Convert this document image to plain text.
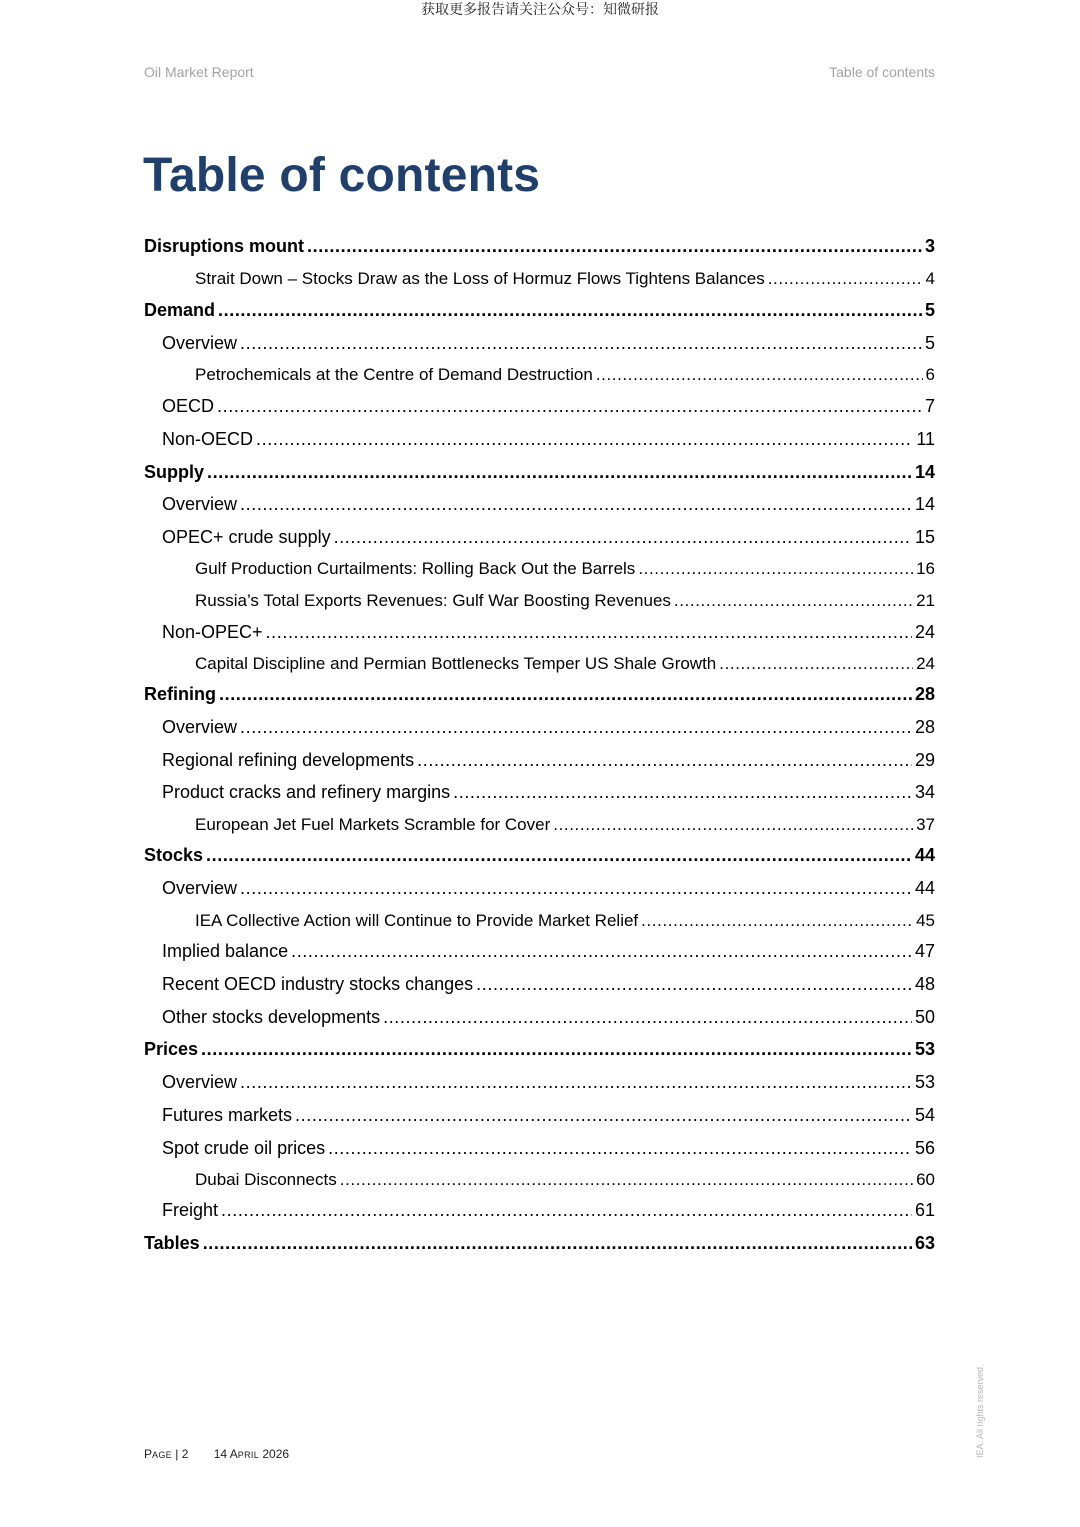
获取更多报告请关注公众号：知微研报
Oil Market Report	Table of contents
Table of contents
Disruptions mount .....	3
Strait Down – Stocks Draw as the Loss of Hormuz Flows Tightens Balances .....	4
Demand .....	5
Overview .....	5
Petrochemicals at the Centre of Demand Destruction .....	6
OECD .....	7
Non-OECD .....	11
Supply .....	14
Overview .....	14
OPEC+ crude supply .....	15
Gulf Production Curtailments: Rolling Back Out the Barrels .....	16
Russia’s Total Exports Revenues: Gulf War Boosting Revenues .....	21
Non-OPEC+ .....	24
Capital Discipline and Permian Bottlenecks Temper US Shale Growth .....	24
Refining .....	28
Overview .....	28
Regional refining developments .....	29
Product cracks and refinery margins .....	34
European Jet Fuel Markets Scramble for Cover .....	37
Stocks .....	44
Overview .....	44
IEA Collective Action will Continue to Provide Market Relief .....	45
Implied balance .....	47
Recent OECD industry stocks changes .....	48
Other stocks developments .....	50
Prices .....	53
Overview .....	53
Futures markets .....	54
Spot crude oil prices .....	56
Dubai Disconnects .....	60
Freight .....	61
Tables .....	63
PAGE | 2 14 APRIL 2026	IEA. All rights reserved.
